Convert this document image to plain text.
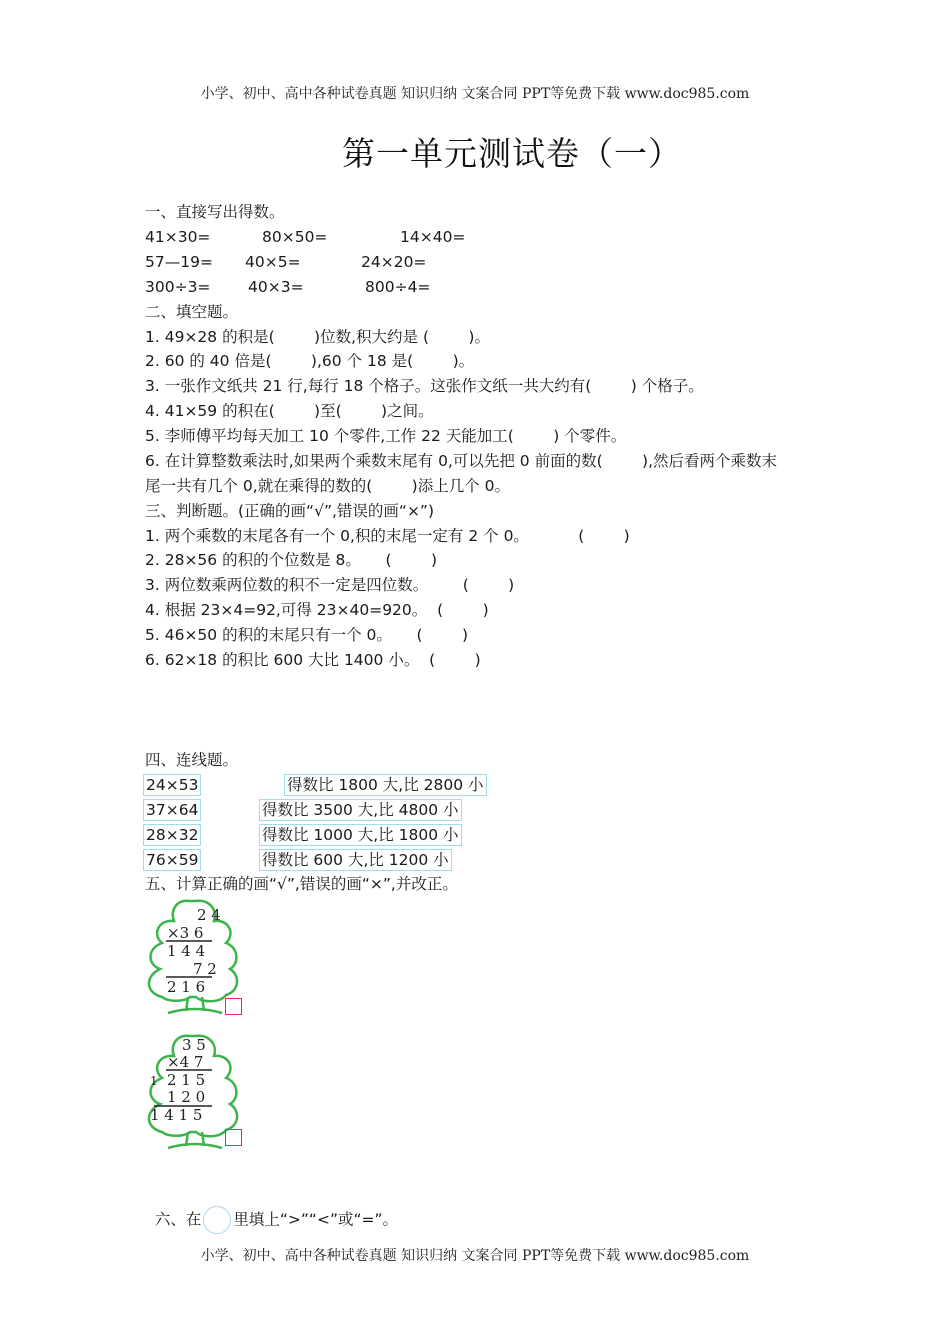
小学、初中、高中各种试卷真题 知识归纳 文案合同 PPT等免费下载 www.doc985.com
第一单元测试卷（一）
一、直接写出得数。
41×30=	80×50=	14×40=
57—19= 40×5=	24×20=
300÷3= 40×3=	800÷4=
二、填空题。
1. 49×28 的积是(        )位数,积大约是 (        )。
2. 60 的 40 倍是(        ),60 个 18 是(        )。
3. 一张作文纸共 21 行,每行 18 个格子。这张作文纸一共大约有(        ) 个格子。
4. 41×59 的积在(        )至(        )之间。
5. 李师傅平均每天加工 10 个零件,工作 22 天能加工(        ) 个零件。
6. 在计算整数乘法时,如果两个乘数末尾有 0,可以先把 0 前面的数(        ),然后看两个乘数末
尾一共有几个 0,就在乘得的数的(        )添上几个 0。
三、判断题。(正确的画“√”,错误的画“×”)
1. 两个乘数的末尾各有一个 0,积的末尾一定有 2 个 0。          (        )
2. 28×56 的积的个位数是 8。     (        )
3. 两位数乘两位数的积不一定是四位数。       (        )
4. 根据 23×4=92,可得 23×40=920。  (        )
5. 46×50 的积的末尾只有一个 0。     (        )
6. 62×18 的积比 600 大比 1400 小。  (        )
四、连线题。
24×53
37×64
28×32
76×59
得数比 1800 大,比 2800 小
得数比 3500 大,比 4800 小
得数比 1000 大,比 1800 小
得数比 600 大,比 1200 小
五、计算正确的画“√”,错误的画“×”,并改正。
2 4
×3 6
1 4 4
7 2
2 1 6
3 5
×4 7
2 1 5
1 2 0
1
1 4 1 5

六、在 里填上“>”“<”或“=”。

小学、初中、高中各种试卷真题 知识归纳 文案合同 PPT等免费下载 www.doc985.com
